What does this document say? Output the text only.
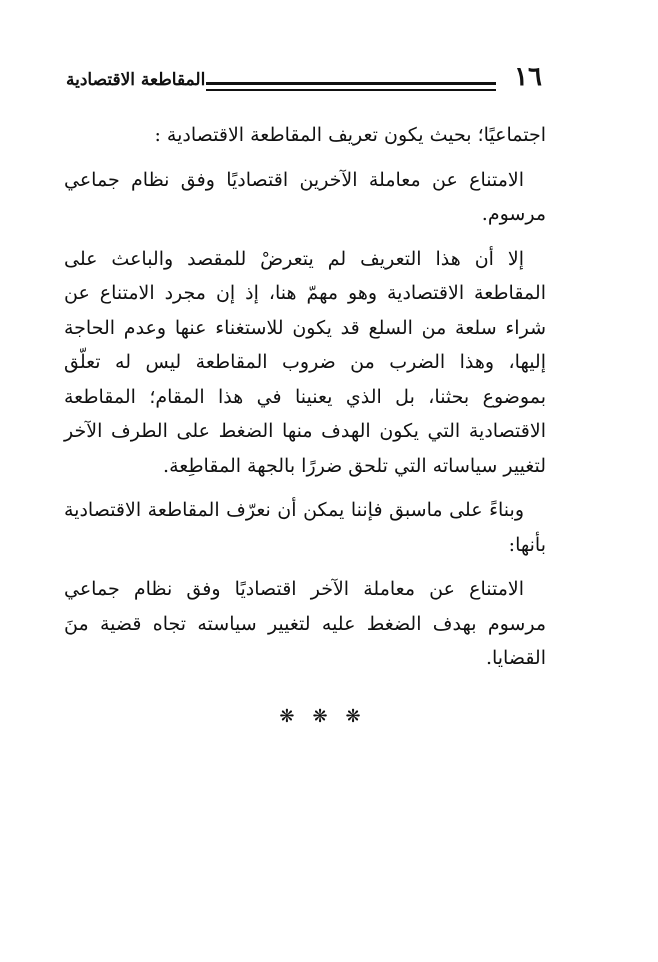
المقاطعة الاقتصادية	١٦

اجتماعيًا؛ بحيث يكون تعريف المقاطعة الاقتصادية :

الامتناع عن معاملة الآخرين اقتصاديًا وفق نظام جماعي مرسوم.

إلا أن هذا التعريف لم يتعرضْ للمقصد والباعث على المقاطعة الاقتصادية وهو مهمّ هنا، إذ إن مجرد الامتناع عن شراء سلعة من السلع قد يكون للاستغناء عنها وعدم الحاجة إليها، وهذا الضرب من ضروب المقاطعة ليس له تعلّق بموضوع بحثنا، بل الذي يعنينا في هذا المقام؛ المقاطعة الاقتصادية التي يكون الهدف منها الضغط على الطرف الآخر لتغيير سياساته التي تلحق ضررًا بالجهة المقاطِعة.

وبناءً على ماسبق فإننا يمكن أن نعرّف المقاطعة الاقتصادية بأنها:

الامتناع عن معاملة الآخر اقتصاديًا وفق نظام جماعي مرسوم بهدف الضغط عليه لتغيير سياسته تجاه قضية منَ القضايا.

❋❋❋
